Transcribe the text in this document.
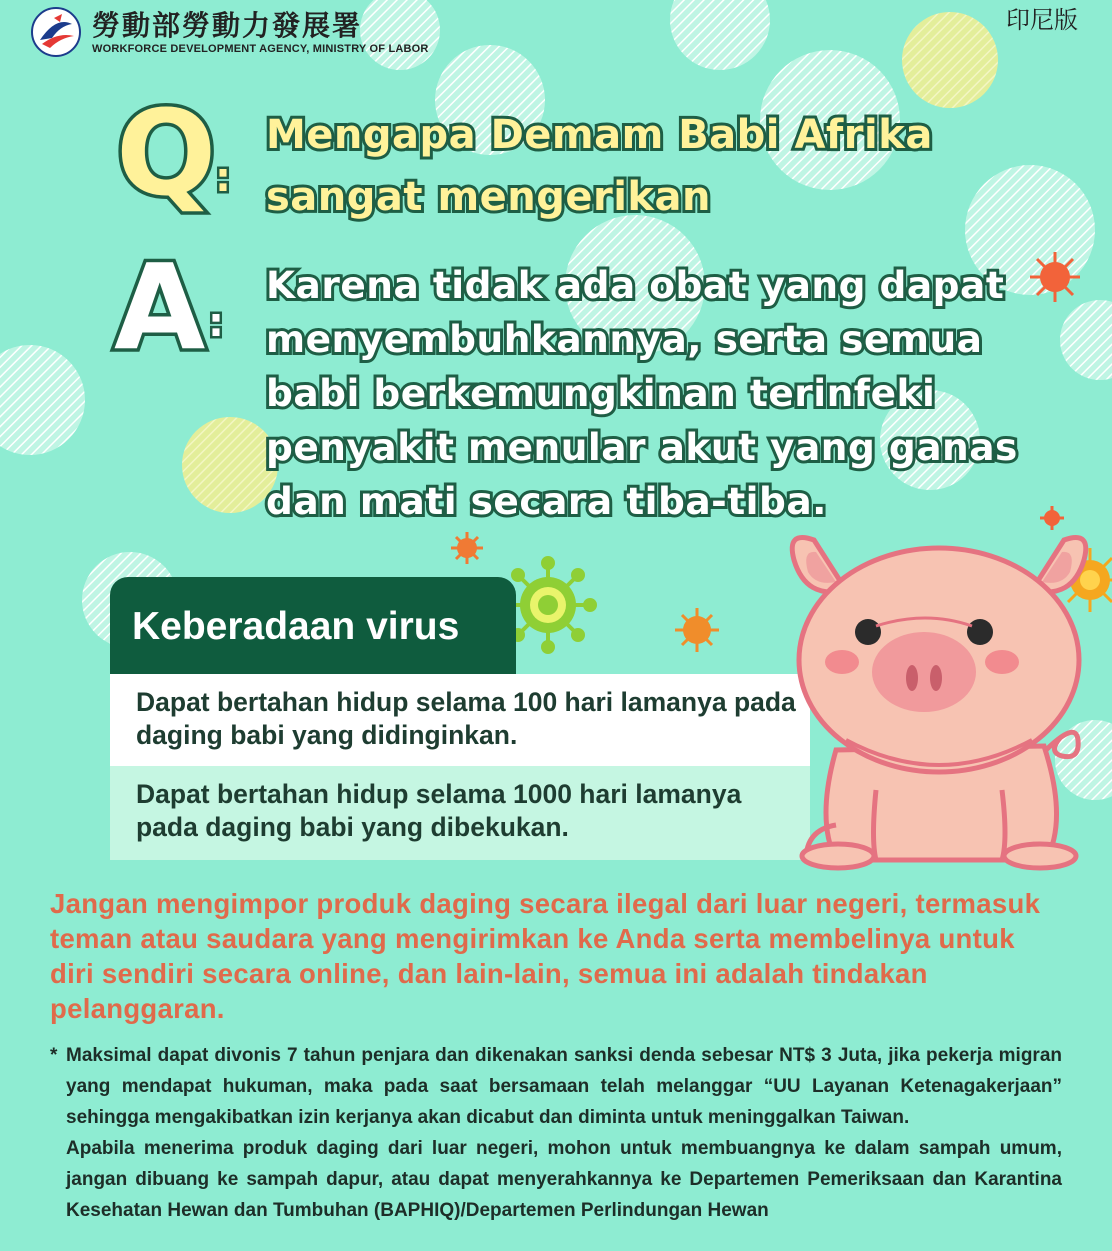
勞動部勞動力發展署
WORKFORCE DEVELOPMENT AGENCY, MINISTRY OF LABOR
印尼版
Q
:
Mengapa Demam Babi Afrika sangat mengerikan
A :
Karena tidak ada obat yang dapat menyembuhkannya, serta semua babi berkemungkinan terinfeki penyakit menular akut yang ganas dan mati secara tiba-tiba.
Keberadaan virus
Dapat bertahan hidup selama 100 hari lamanya pada daging babi yang didinginkan.
Dapat bertahan hidup selama 1000 hari lamanya pada daging babi yang dibekukan.
Jangan mengimpor produk daging secara ilegal dari luar negeri, termasuk teman atau saudara yang mengirimkan ke Anda serta membelinya untuk diri sendiri secara online, dan lain-lain, semua ini adalah tindakan pelanggaran.

* Maksimal dapat divonis 7 tahun penjara dan dikenakan sanksi denda sebesar NT$ 3 Juta, jika pekerja migran yang mendapat hukuman, maka pada saat bersamaan telah melanggar “UU Layanan Ketenagakerjaan” sehingga mengakibatkan izin kerjanya akan dicabut dan diminta untuk meninggalkan Taiwan.

Apabila menerima produk daging dari luar negeri, mohon untuk membuangnya ke dalam sampah umum, jangan dibuang ke sampah dapur, atau dapat menyerahkannya ke Departemen Pemeriksaan dan Karantina Kesehatan Hewan dan Tumbuhan (BAPHIQ)/Departemen Perlindungan Hewan
